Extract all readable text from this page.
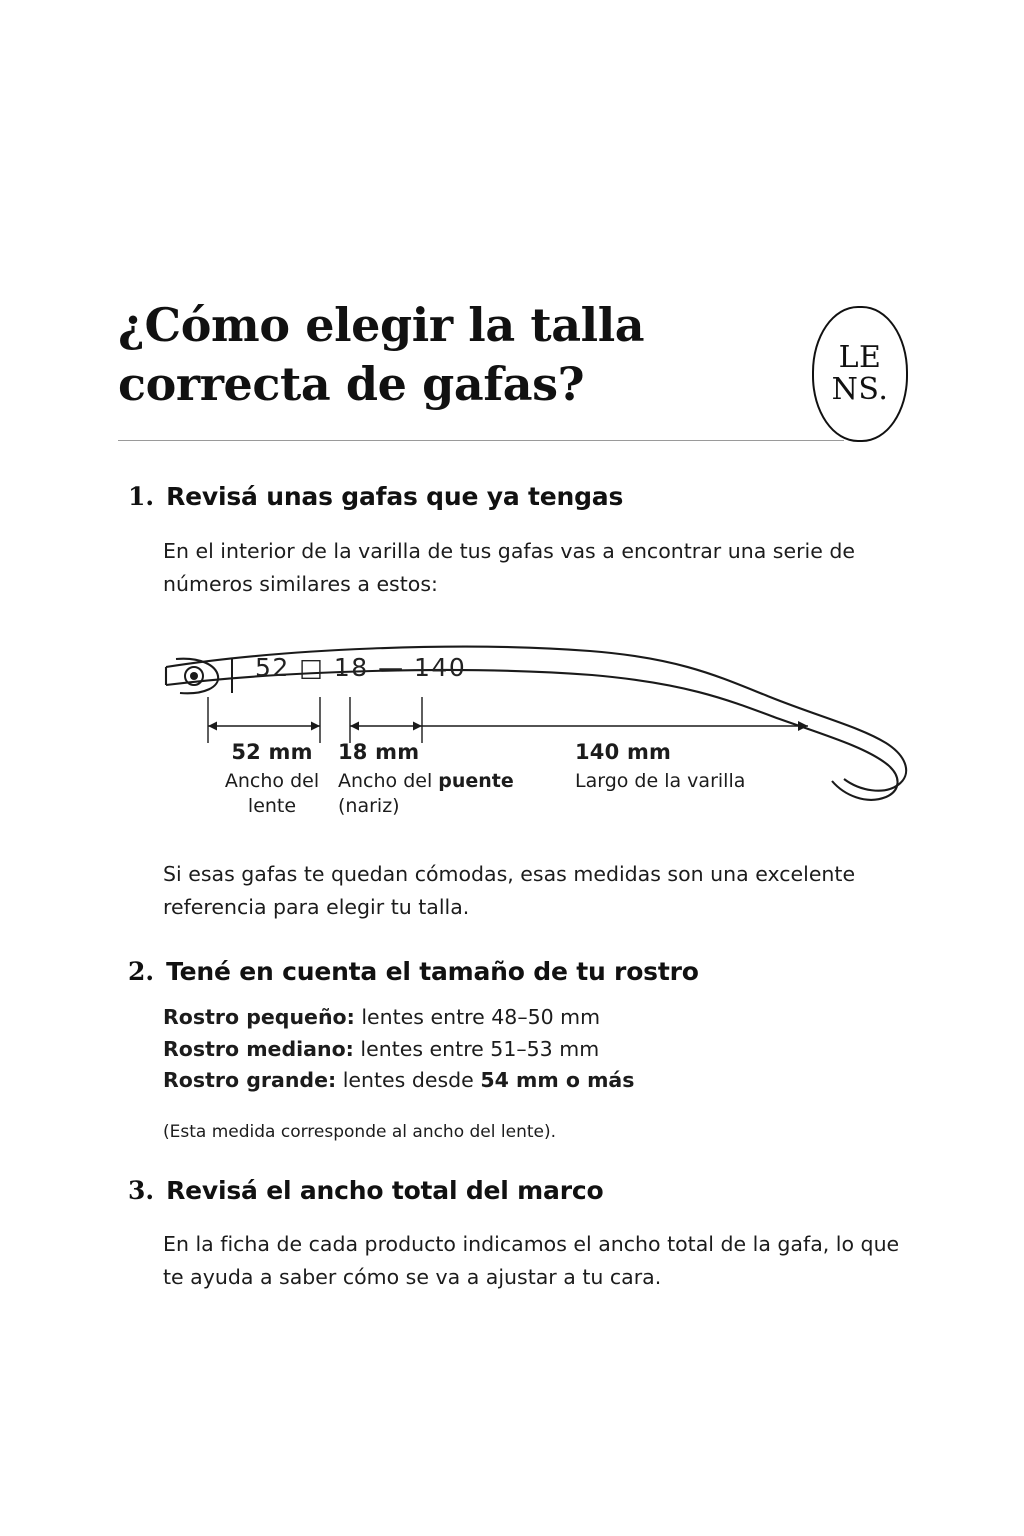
¿Cómo elegir la talla
correcta de gafas?	LE
NS.
1. Revisá unas gafas que ya tengas
En el interior de la varilla de tus gafas vas a encontrar una serie de números similares a estos:
52 □ 18 — 140
52 mm
Ancho del
lente
18 mm
Ancho del puente
(nariz)
140 mm
Largo de la varilla
Si esas gafas te quedan cómodas, esas medidas son una excelente referencia para elegir tu talla.
2. Tené en cuenta el tamaño de tu rostro
Rostro pequeño: lentes entre 48–50 mm
Rostro mediano: lentes entre 51–53 mm
Rostro grande: lentes desde 54 mm o más
(Esta medida corresponde al ancho del lente).
3. Revisá el ancho total del marco
En la ficha de cada producto indicamos el ancho total de la gafa, lo que te ayuda a saber cómo se va a ajustar a tu cara.
